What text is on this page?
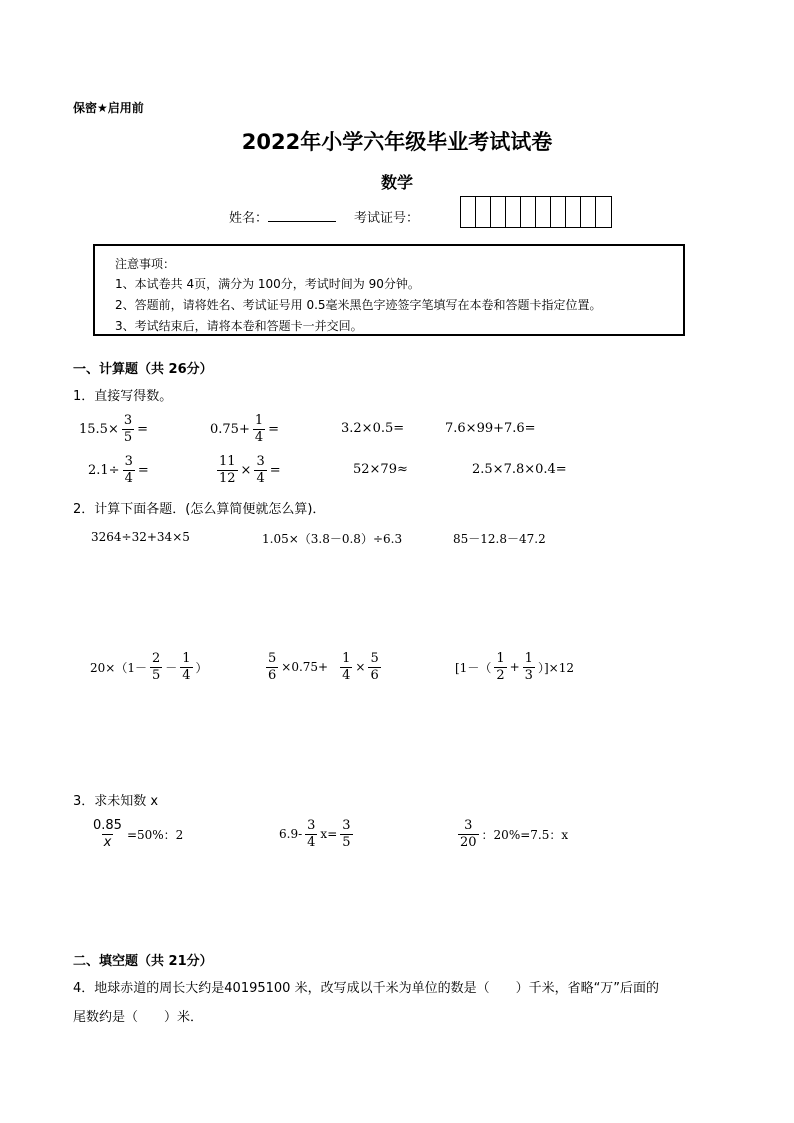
保密★启用前
2022年小学六年级毕业考试试卷
数学
姓名：	考试证号：
注意事项：
1、本试卷共 4页，满分为 100分，考试时间为 90分钟。
2、答题前，请将姓名、考试证号用 0.5毫米黑色字迹签字笔填写在本卷和答题卡指定位置。
3、考试结束后，请将本卷和答题卡一并交回。
一、计算题（共 26分）
1．直接写得数。
$15.5\times \frac{3}{5}$ =	$0.75+ \frac{1}{4}$ =	3.2×0.5=	7.6×99+7.6=
$2.1\div \frac{3}{4}$ =	$\frac{11}{12} \times \frac{3}{4}$ =	52×79≈	2.5×7.8×0.4=
2．计算下面各题．(怎么算简便就怎么算)．
3264÷32+34×5	1.05×（3.8－0.8）÷6.3	85－12.8－47.2
$20\times(1- \frac{2}{5} - \frac{1}{4}$ ）	$\frac{5}{6} \times 0.75+ \frac{1}{4} \times \frac{5}{6}$	$[1-( \frac{1}{2} + \frac{1}{3} )]\times 12$
3．求未知数 x
$\frac{0.85}{x} =50\%$：2	$6.9- \frac{3}{4} x= \frac{3}{5}$	$\frac{3}{20}$ ：20%=7.5：x
二、填空题（共 21分）
4．地球赤道的周长大约是40195100 米，改写成以千米为单位的数是（　　）千米，省略“万”后面的
尾数约是（　　）米．
